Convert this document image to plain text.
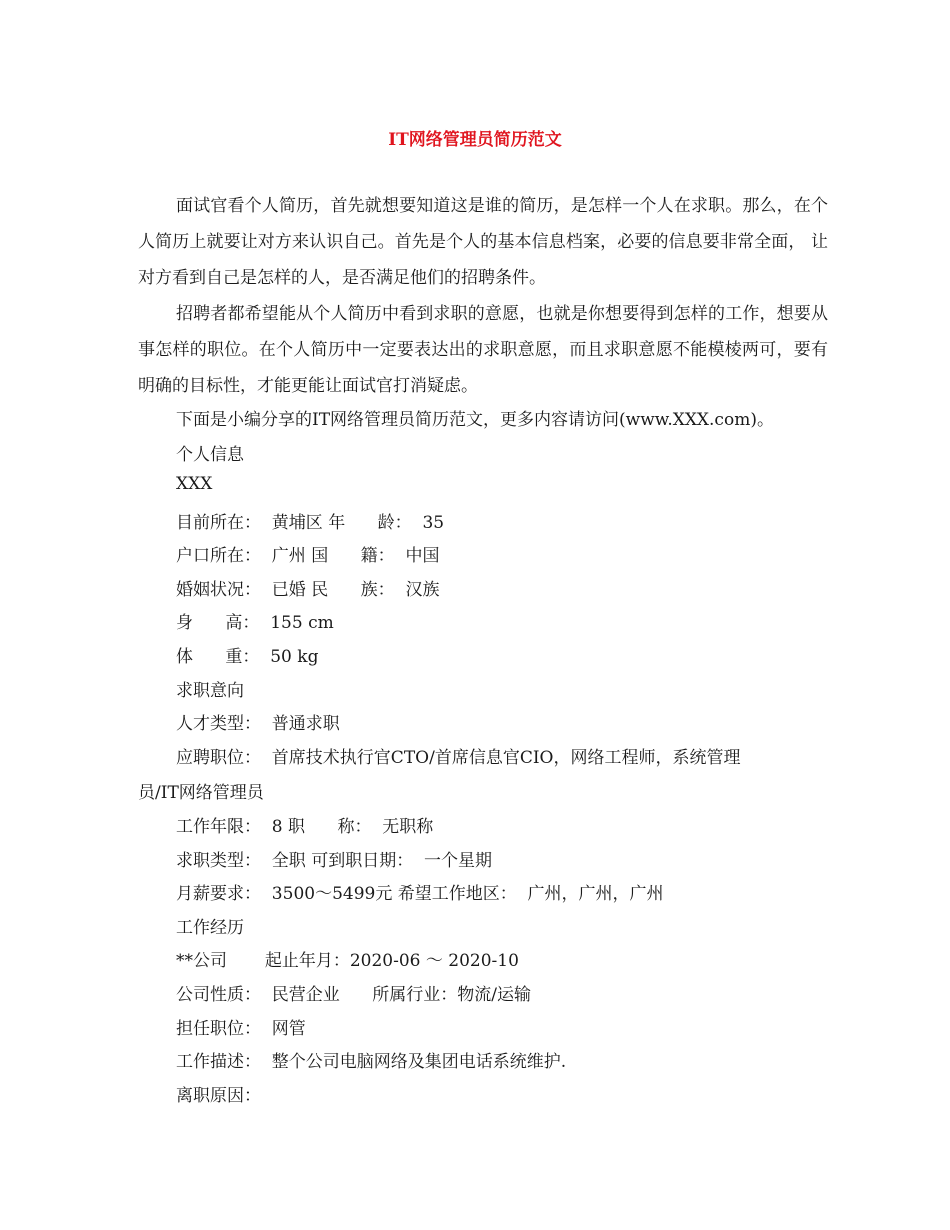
IT网络管理员简历范文

面试官看个人简历，首先就想要知道这是谁的简历，是怎样一个人在求职。那么，在个人简历上就要让对方来认识自己。首先是个人的基本信息档案，必要的信息要非常全面， 让对方看到自己是怎样的人，是否满足他们的招聘条件。

招聘者都希望能从个人简历中看到求职的意愿，也就是你想要得到怎样的工作，想要从事怎样的职位。在个人简历中一定要表达出的求职意愿，而且求职意愿不能模棱两可，要有明确的目标性，才能更能让面试官打消疑虑。

下面是小编分享的IT网络管理员简历范文，更多内容请访问(www.XXX.com)。

个人信息

XXX

目前所在：  黄埔区 年      龄：  35

户口所在：  广州 国      籍：  中国

婚姻状况：  已婚 民      族：  汉族

身      高：  155 cm

体      重：  50 kg

求职意向

人才类型：  普通求职

应聘职位：  首席技术执行官CTO/首席信息官CIO，网络工程师，系统管理

员/IT网络管理员

工作年限：  8 职      称：  无职称

求职类型：  全职 可到职日期：  一个星期

月薪要求：  3500～5499元 希望工作地区：  广州，广州，广州

工作经历

**公司       起止年月：2020-06 ～ 2020-10

公司性质：  民营企业      所属行业：物流/运输

担任职位：  网管

工作描述：  整个公司电脑网络及集团电话系统维护.

离职原因：
